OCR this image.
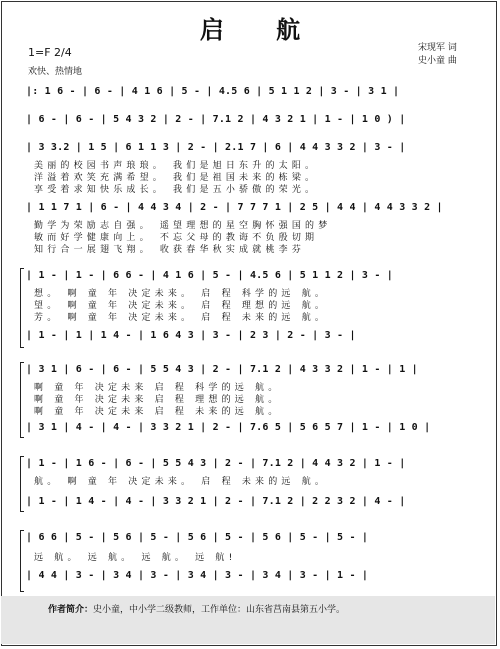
启 航
1=F 2/4
欢快、热情地
宋现军 词
史小童 曲
|: 1 6 - | 6 - | 4 1 6 | 5 - | 4.5 6 | 5 1 1 2 | 3 - | 3 1 |
| 6 - | 6 - | 5 4 3 2 | 2 - | 7.1 2 | 4 3 2 1 | 1 - | 1 0 ) |
| 3 3.2 | 1 5 | 6 1 1 3 | 2 - | 2.1 7 | 6 | 4 4 3 3 2 | 3 - |
美丽的校园书声琅琅。 我们是旭日东升的太阳。
洋溢着欢笑充满希望。 我们是祖国未来的栋梁。
享受着求知快乐成长。 我们是五小骄傲的荣光。
| 1 1 7 1 | 6 - | 4 4 3 4 | 2 - | 7 7 7 1 | 2 5 | 4 4 | 4 4 3 3 2 |
勤学为荣励志自强。 遥望理想的星空胸怀强国的梦
敏而好学健康向上。 不忘父母的教诲不负殷切期
知行合一展翅飞翔。 收获春华秋实成就桃李芬
| 1 - | 1 - | 6 6 - | 4 1 6 | 5 - | 4.5 6 | 5 1 1 2 | 3 - |
想。 啊 童 年 决定未来。 启 程 科学的远 航。
望。 啊 童 年 决定未来。 启 程 理想的远 航。
芳。 啊 童 年 决定未来。 启 程 未来的远 航。
| 1 - | 1 | 1 4 - | 1 6 4 3 | 3 - | 2 3 | 2 - | 3 - |
| 3 1 | 6 - | 6 - | 5 5 4 3 | 2 - | 7.1 2 | 4 3 3 2 | 1 - | 1 |
啊 童 年 决定未来 启 程 科学的远 航。
啊 童 年 决定未来 启 程 理想的远 航。
啊 童 年 决定未来 启 程 未来的远 航。
| 3 1 | 4 - | 4 - | 3 3 2 1 | 2 - | 7.6 5 | 5 6 5 7 | 1 - | 1 0 |
| 1 - | 1 6 - | 6 - | 5 5 4 3 | 2 - | 7.1 2 | 4 4 3 2 | 1 - |
航。 啊 童 年 决定未来。 启 程 未来的远 航。
| 1 - | 1 4 - | 4 - | 3 3 2 1 | 2 - | 7.1 2 | 2 2 3 2 | 4 - |
| 6 6 | 5 - | 5 6 | 5 - | 5 6 | 5 - | 5 6 | 5 - | 5 - |
远 航。 远 航。 远 航。 远 航!
| 4 4 | 3 - | 3 4 | 3 - | 3 4 | 3 - | 3 4 | 3 - | 1 - |
作者简介：史小童，中小学二级教师，工作单位：山东省莒南县第五小学。
